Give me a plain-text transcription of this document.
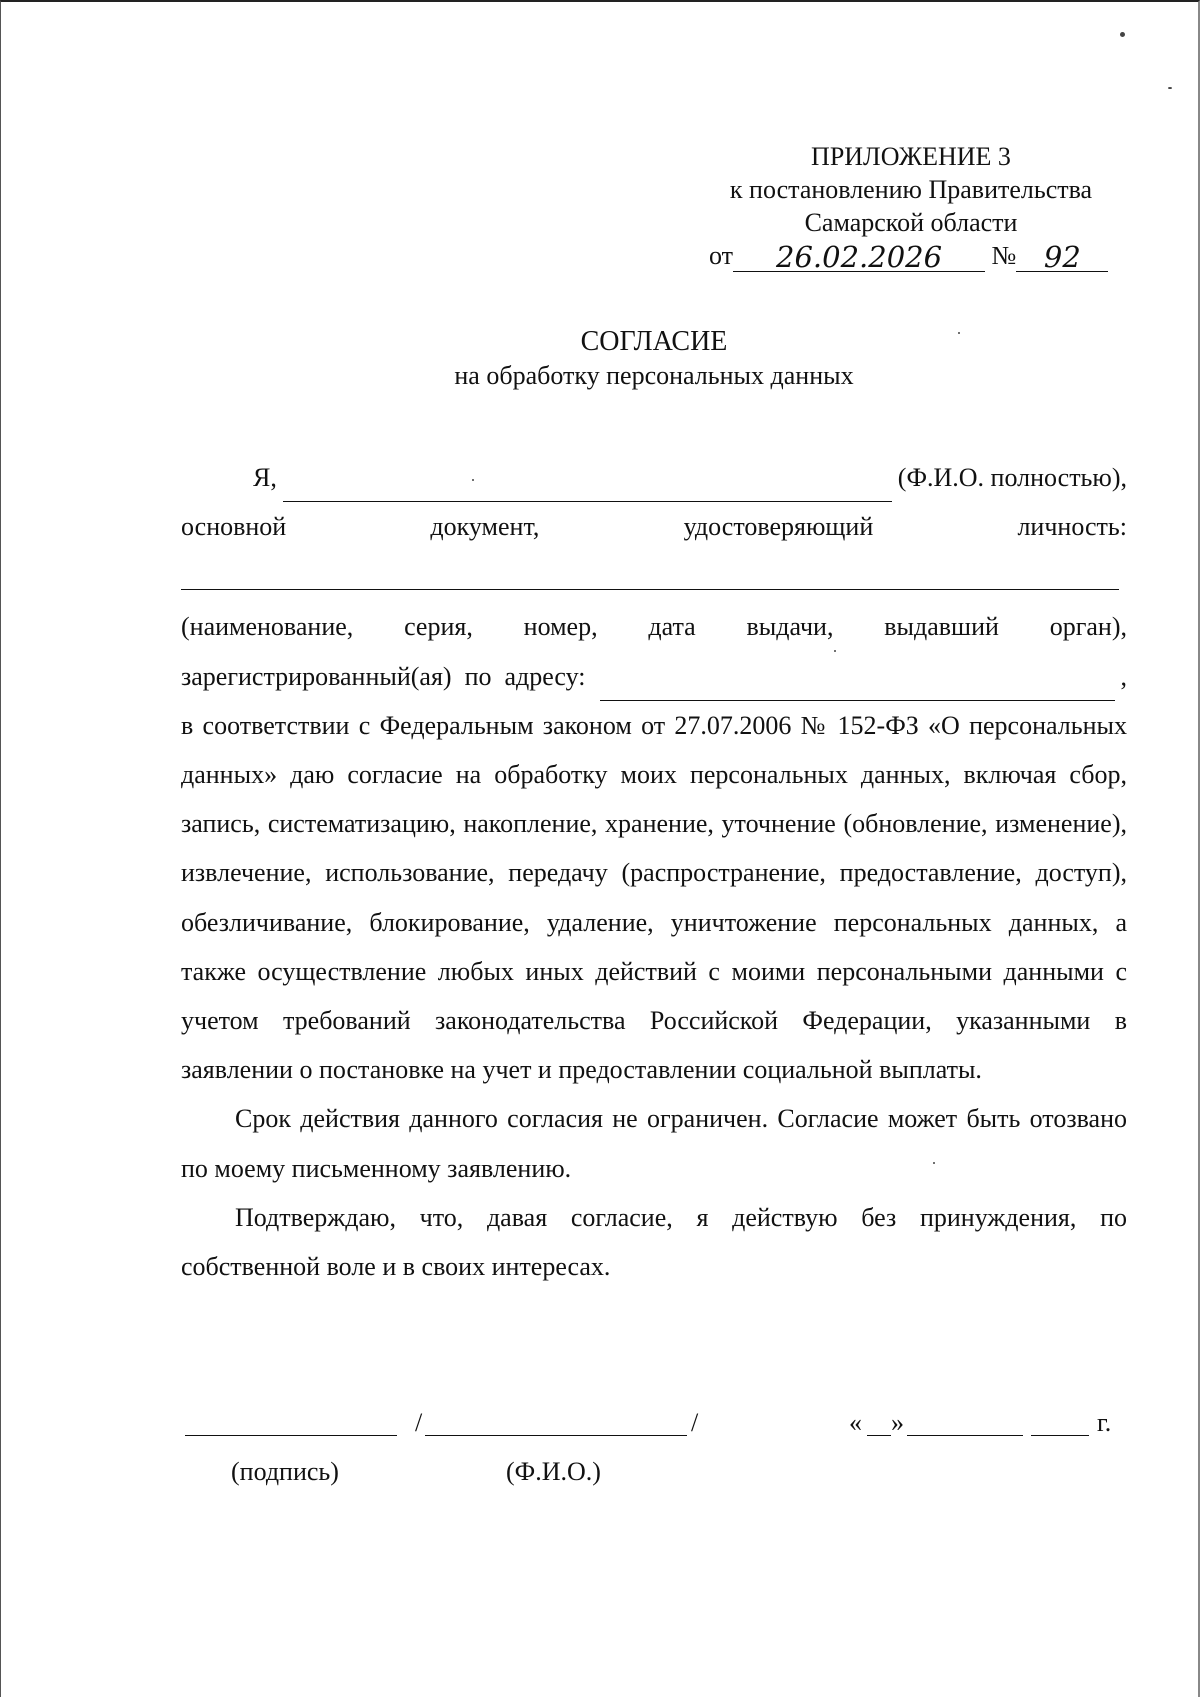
ПРИЛОЖЕНИЕ 3
к постановлению Правительства
Самарской области
от 26.02.2026 № 92
СОГЛАСИЕ
на обработку персональных данных
Я,	(Ф.И.О. полностью),
основной	документ,	удостоверяющий	личность:
(наименование, серия, номер, дата выдачи, выдавший орган),
зарегистрированный(ая)  по  адресу:	,
в соответствии с Федеральным законом от 27.07.2006 № 152-ФЗ «О персональных данных» даю согласие на обработку моих персональных данных, включая сбор, запись, систематизацию, накопление, хранение, уточнение (обновление, изменение), извлечение, использование, передачу (распространение, предоставление, доступ), обезличивание, блокирование, удаление, уничтожение персональных данных, а также осуществление любых иных действий с моими персональными данными с учетом требований законодательства Российской Федерации, указанными в заявлении о постановке на учет и предоставлении социальной выплаты.
Срок действия данного согласия не ограничен. Согласие может быть отозвано по моему письменному заявлению.
Подтверждаю, что, давая согласие, я действую без принуждения, по собственной воле и в своих интересах.
/	/	« »	г.
(подпись)	(Ф.И.О.)
